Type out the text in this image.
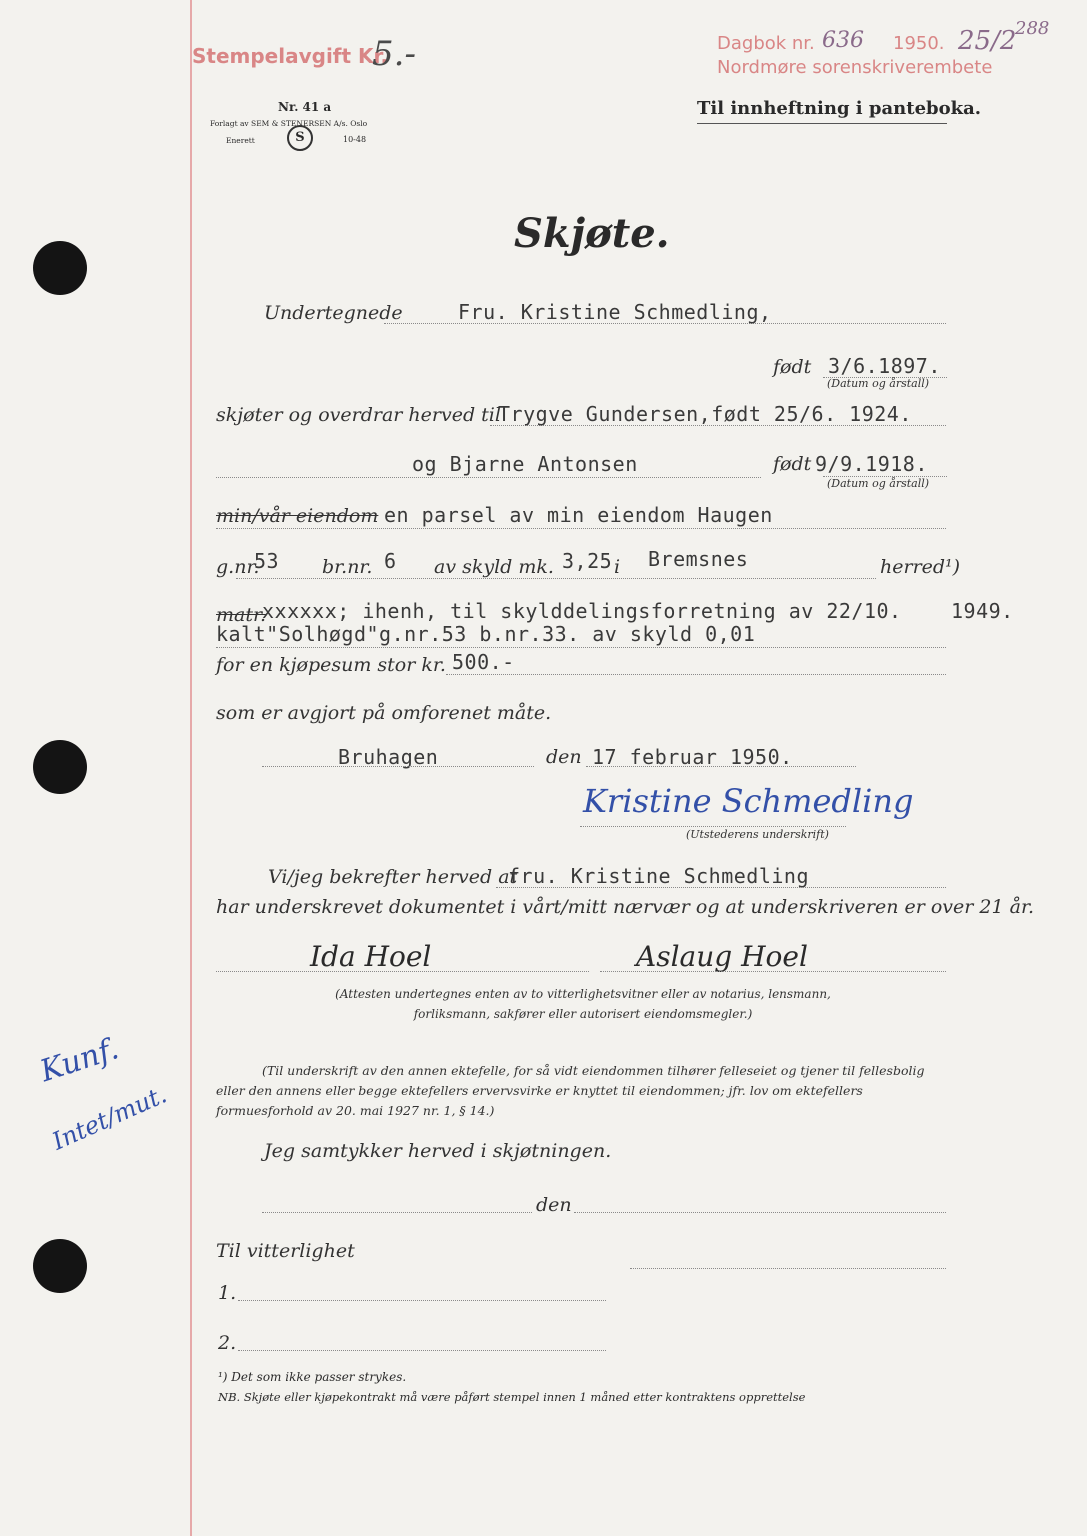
Stempelavgift Kr.
5.-	Dagbok nr. 636 1950. 25/2
288
Nordmøre sorenskriverembete
Nr. 41 a
Forlagt av SEM & STENERSEN A/s. Oslo
Enerett	S	10-48
Til innheftning i panteboka.
Skjøte.
Undertegnede	Fru. Kristine Schmedling,
født 3/6.1897.
(Datum og årstall)
skjøter og overdrar herved til
Trygve Gundersen,født 25/6. 1924.
og Bjarne Antonsen	født 9/9.1918.
(Datum og årstall)
min/vår eiendom en parsel av min eiendom Haugen
g.nr.
53 br.nr. 6 av skyld mk. 3,25 i Bremsnes	herred¹)
matr.
xxxxxx; ihenh, til skylddelingsforretning av 22/10. 1949.
kalt"Solhøgd"g.nr.53 b.nr.33. av skyld 0,01
for en kjøpesum stor kr. 500.-
som er avgjort på omforenet måte.
Bruhagen	den 17 februar 1950.
Kristine Schmedling
(Utstederens underskrift)
Vi/jeg bekrefter herved at
fru. Kristine Schmedling
har underskrevet dokumentet i vårt/mitt nærvær og at underskriveren er over 21 år.
Ida Hoel	Aslaug Hoel
(Attesten undertegnes enten av to vitterlighetsvitner eller av notarius, lensmann, forliksmann, sakfører eller autorisert eiendomsmegler.)
Kunf.
Intet/mut.
(Til underskrift av den annen ektefelle, for så vidt eiendommen tilhører felleseiet og tjener til fellesbolig eller den annens eller begge ektefellers ervervsvirke er knyttet til eiendommen; jfr. lov om ektefellers formuesforhold av 20. mai 1927 nr. 1, § 14.)
Jeg samtykker herved i skjøtningen.
den
Til vitterlighet
1.
2.
¹) Det som ikke passer strykes.
NB. Skjøte eller kjøpekontrakt må være påført stempel innen 1 måned etter kontraktens opprettelse
